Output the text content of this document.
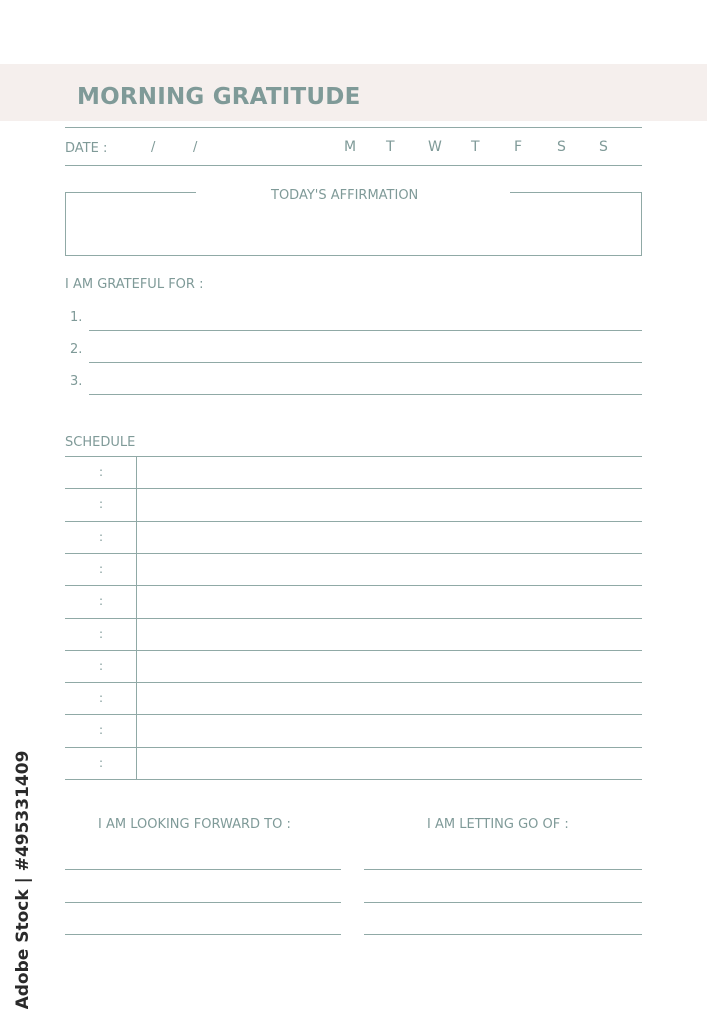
MORNING GRATITUDE
DATE :	/	/	M T W T F S S
TODAY'S AFFIRMATION
I AM GRATEFUL FOR :
1.
2.
3.
SCHEDULE
:
:
:
:
:
:
:
:
:
:
I AM LOOKING FORWARD TO :	I AM LETTING GO OF :
Adobe Stock | #495331409
